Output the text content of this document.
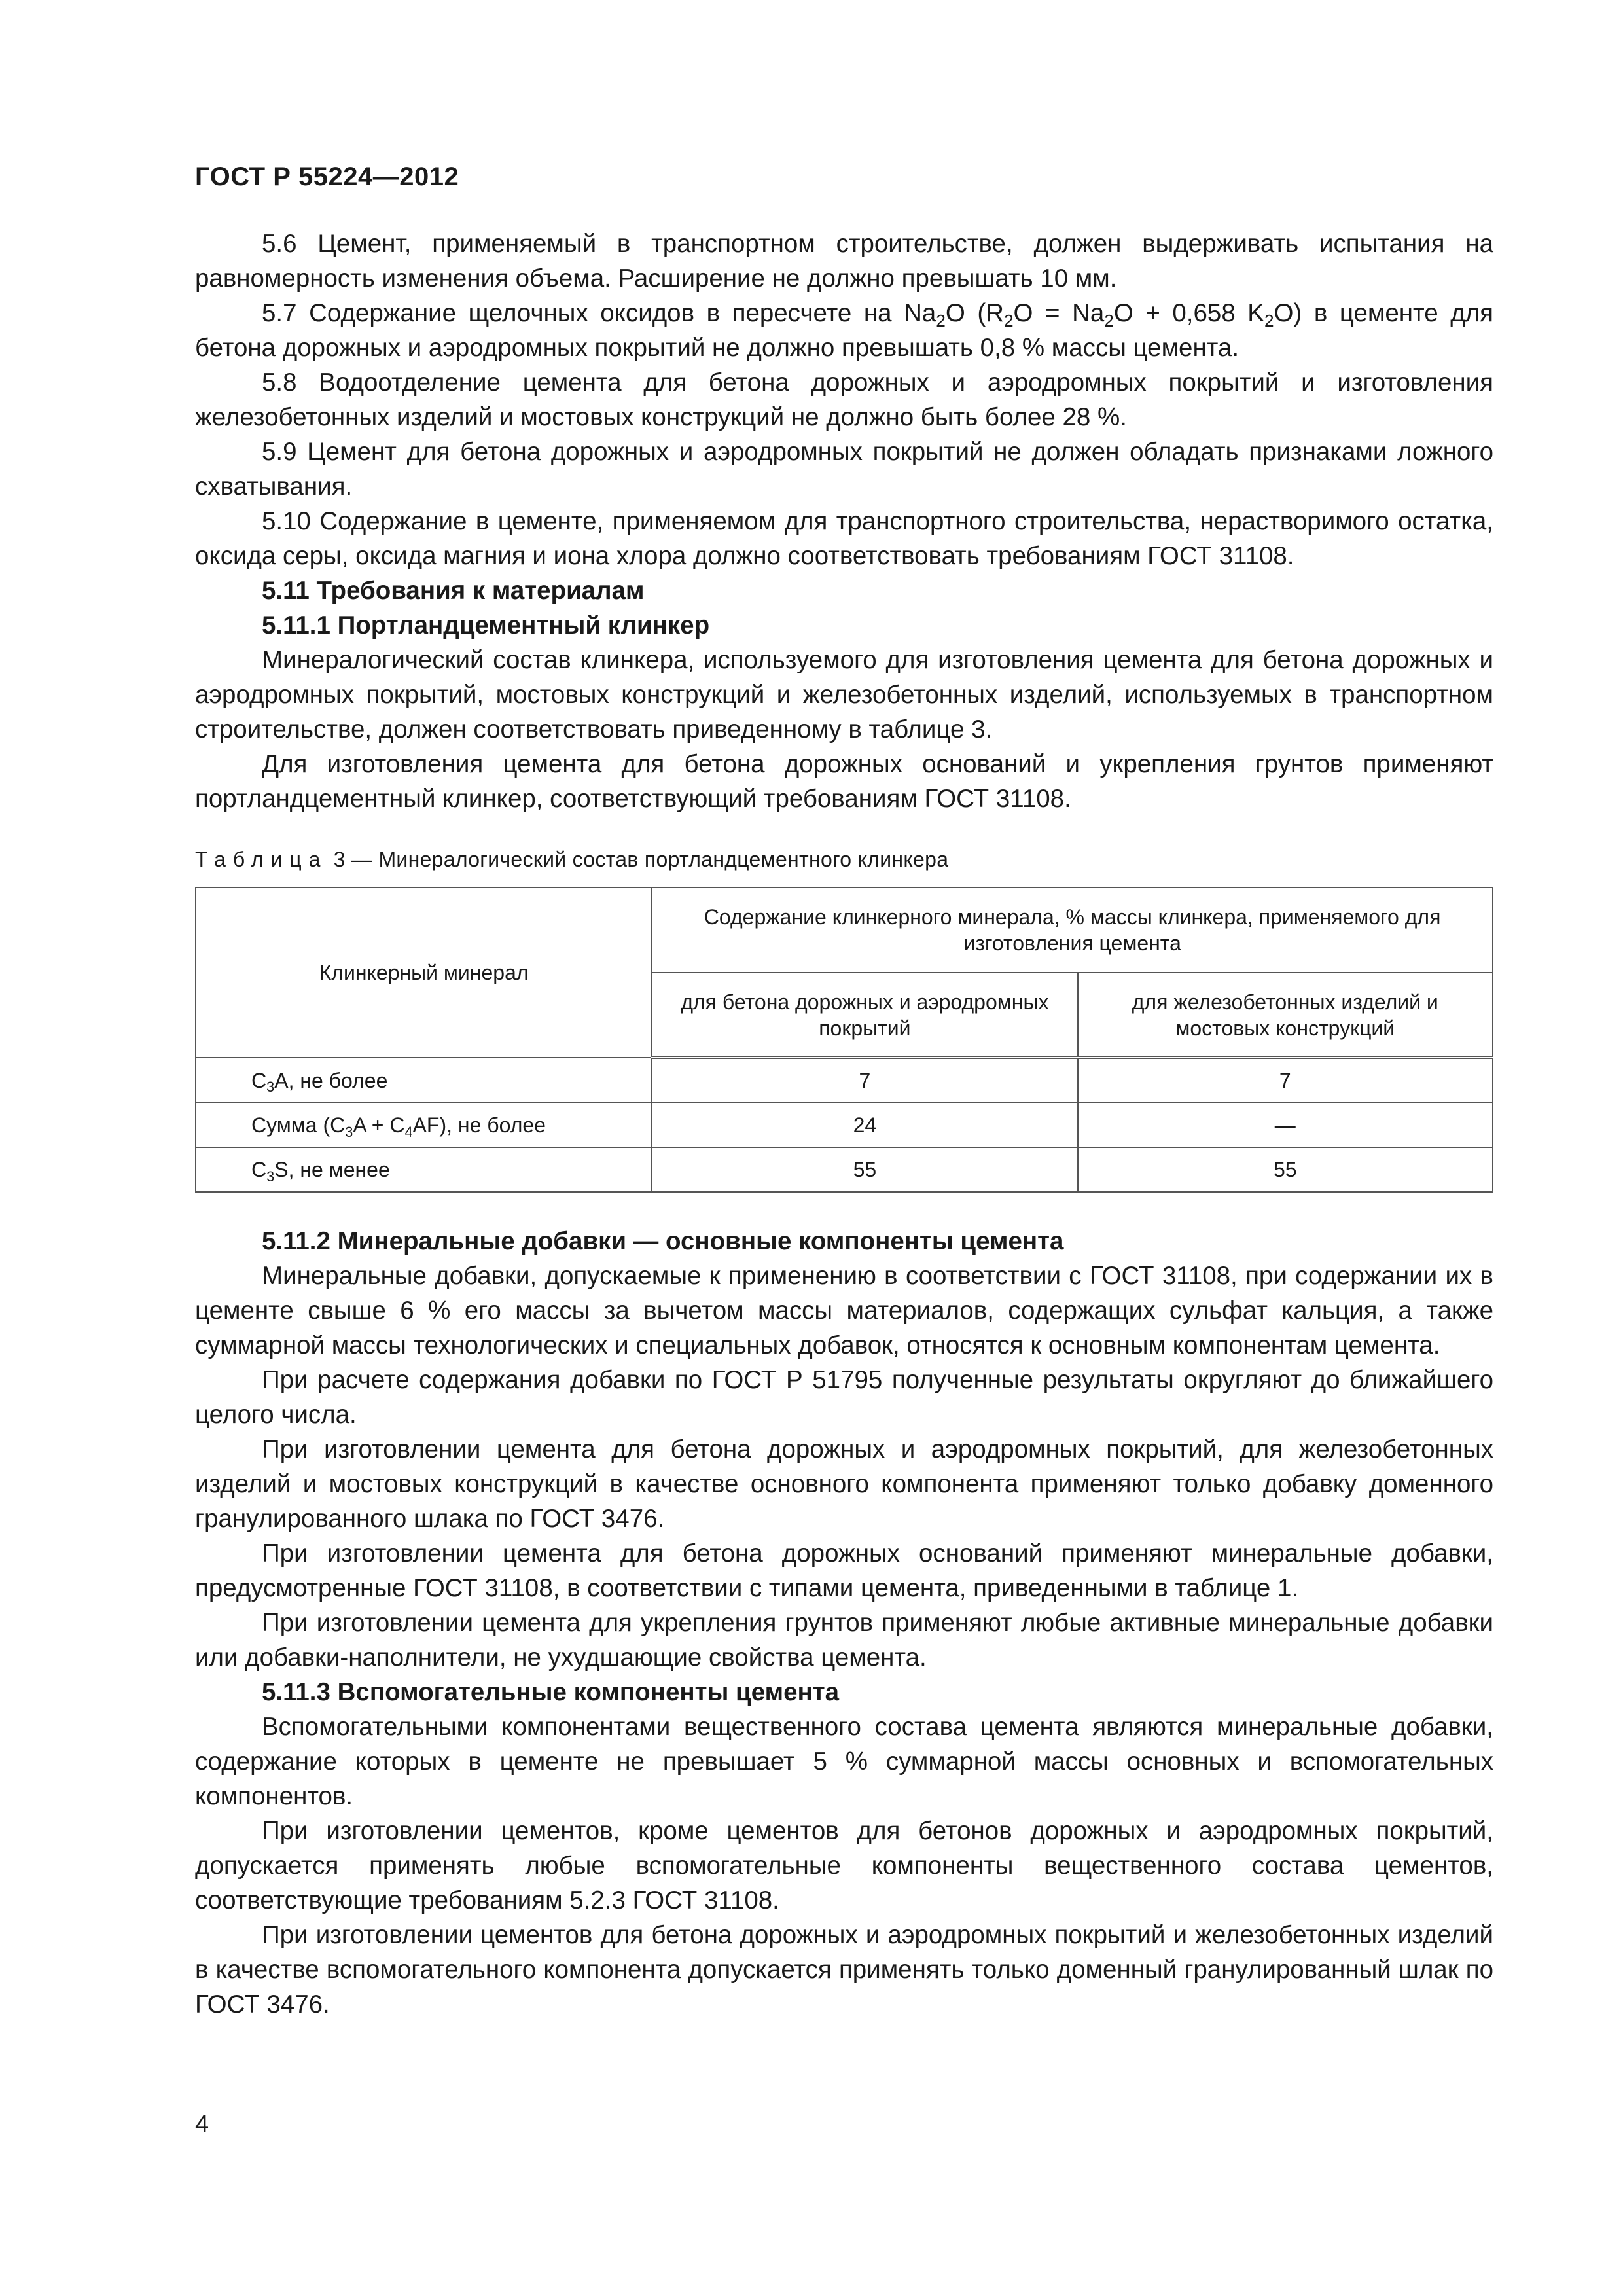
ГОСТ Р 55224—2012
5.6 Цемент, применяемый в транспортном строительстве, должен выдерживать испытания на равномерность изменения объема. Расширение не должно превышать 10 мм.
5.7 Содержание щелочных оксидов в пересчете на $Na_2O$ ($R_2O = Na_2O + 0,658$ $K_2O$) в цементе для бетона дорожных и аэродромных покрытий не должно превышать 0,8 % массы цемента.
5.8 Водоотделение цемента для бетона дорожных и аэродромных покрытий и изготовления железобетонных изделий и мостовых конструкций не должно быть более 28 %.
5.9 Цемент для бетона дорожных и аэродромных покрытий не должен обладать признаками ложного схватывания.
5.10 Содержание в цементе, применяемом для транспортного строительства, нерастворимого остатка, оксида серы, оксида магния и иона хлора должно соответствовать требованиям ГОСТ 31108.
5.11 Требования к материалам
5.11.1 Портландцементный клинкер
Минералогический состав клинкера, используемого для изготовления цемента для бетона дорожных и аэродромных покрытий, мостовых конструкций и железобетонных изделий, используемых в транспортном строительстве, должен соответствовать приведенному в таблице 3.
Для изготовления цемента для бетона дорожных оснований и укрепления грунтов применяют портландцементный клинкер, соответствующий требованиям ГОСТ 31108.
Таблица 3 — Минералогический состав портландцементного клинкера
Клинкерный минерал	Содержание клинкерного минерала, % массы клинкера, применяемого для изготовления цемента	
	для бетона дорожных и аэродромных покрытий	для железобетонных изделий и мостовых конструкций
$C_3A$, не более	7	7
Сумма $(C_3A + C_4AF)$, не более	24	—
$C_3S$, не менее	55	55
5.11.2 Минеральные добавки — основные компоненты цемента
Минеральные добавки, допускаемые к применению в соответствии с ГОСТ 31108, при содержании их в цементе свыше 6 % его массы за вычетом массы материалов, содержащих сульфат кальция, а также суммарной массы технологических и специальных добавок, относятся к основным компонентам цемента.
При расчете содержания добавки по ГОСТ Р 51795 полученные результаты округляют до ближайшего целого числа.
При изготовлении цемента для бетона дорожных и аэродромных покрытий, для железобетонных изделий и мостовых конструкций в качестве основного компонента применяют только добавку доменного гранулированного шлака по ГОСТ 3476.
При изготовлении цемента для бетона дорожных оснований применяют минеральные добавки, предусмотренные ГОСТ 31108, в соответствии с типами цемента, приведенными в таблице 1.
При изготовлении цемента для укрепления грунтов применяют любые активные минеральные добавки или добавки-наполнители, не ухудшающие свойства цемента.
5.11.3 Вспомогательные компоненты цемента
Вспомогательными компонентами вещественного состава цемента являются минеральные добавки, содержание которых в цементе не превышает 5 % суммарной массы основных и вспомогательных компонентов.
При изготовлении цементов, кроме цементов для бетонов дорожных и аэродромных покрытий, допускается применять любые вспомогательные компоненты вещественного состава цементов, соответствующие требованиям 5.2.3 ГОСТ 31108.
При изготовлении цементов для бетона дорожных и аэродромных покрытий и железобетонных изделий в качестве вспомогательного компонента допускается применять только доменный гранулированный шлак по ГОСТ 3476.
4
